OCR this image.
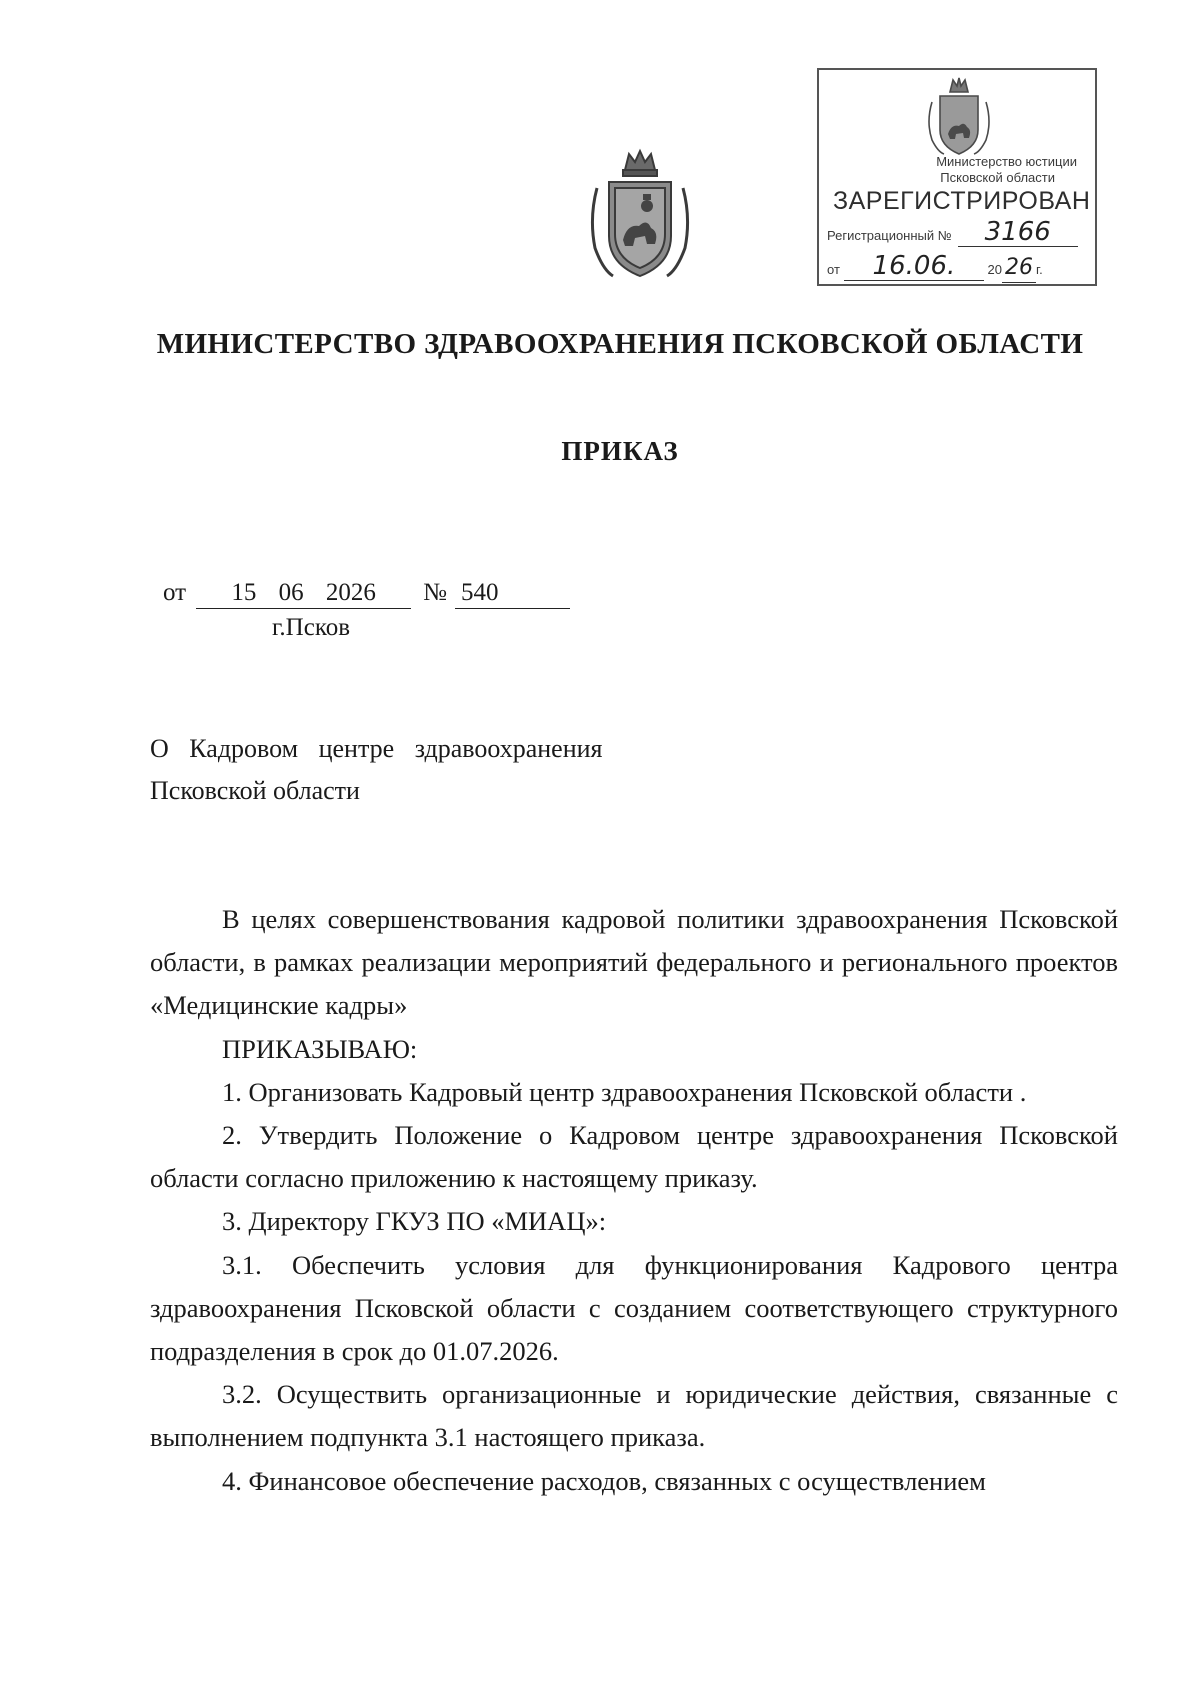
Министерство юстиции
Псковской области
ЗАРЕГИСТРИРОВАН
Регистрационный № 3166
от 16.06. 20 26 г.
МИНИСТЕРСТВО ЗДРАВООХРАНЕНИЯ ПСКОВСКОЙ ОБЛАСТИ
ПРИКАЗ
от 15 06 2026 № 540
г.Псков
О Кадровом центре здравоохранения
Псковской области

В целях совершенствования кадровой политики здравоохранения Псковской области, в рамках реализации мероприятий федерального и регионального проектов «Медицинские кадры»

ПРИКАЗЫВАЮ:

1. Организовать Кадровый центр здравоохранения Псковской области .

2. Утвердить Положение о Кадровом центре здравоохранения Псковской области согласно приложению к настоящему приказу.

3. Директору ГКУЗ ПО «МИАЦ»:

3.1. Обеспечить условия для функционирования Кадрового центра здравоохранения Псковской области с созданием соответствующего структурного подразделения в срок до 01.07.2026.

3.2. Осуществить организационные и юридические действия, связанные с выполнением подпункта 3.1 настоящего приказа.

4. Финансовое обеспечение расходов, связанных с осуществлением
